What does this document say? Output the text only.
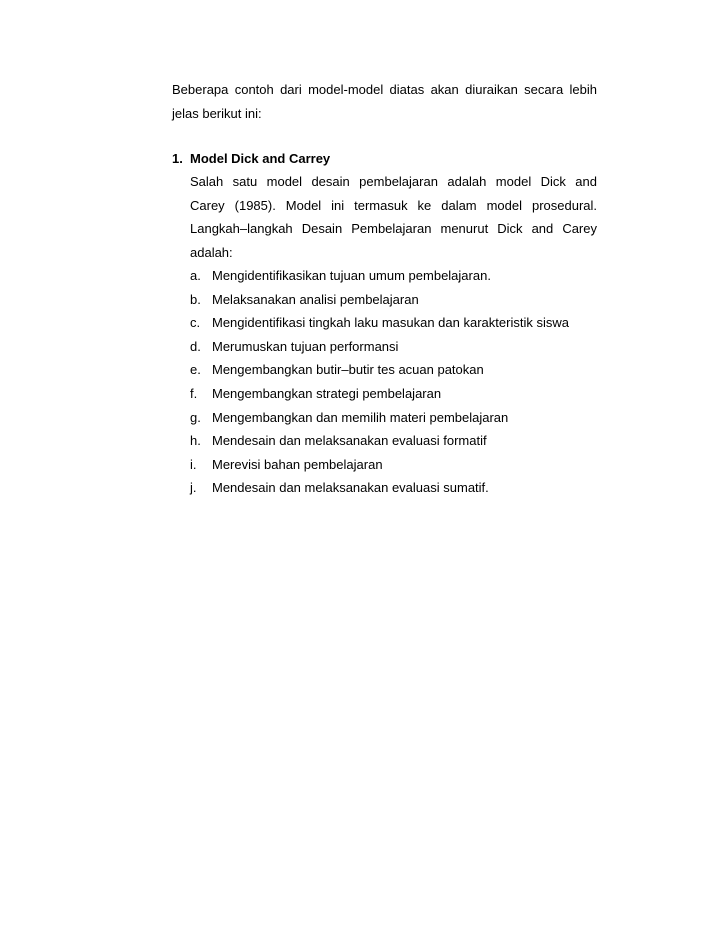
Beberapa contoh dari model-model diatas akan diuraikan secara lebih
jelas berikut ini:
1. Model Dick and Carrey
Salah satu model desain pembelajaran adalah model Dick and
Carey (1985). Model ini termasuk ke dalam model prosedural.
Langkah–langkah Desain Pembelajaran menurut Dick and Carey
adalah:
a. Mengidentifikasikan tujuan umum pembelajaran.
b. Melaksanakan analisi pembelajaran
c. Mengidentifikasi tingkah laku masukan dan karakteristik siswa
d. Merumuskan tujuan performansi
e. Mengembangkan butir–butir tes acuan patokan
f. Mengembangkan strategi pembelajaran
g. Mengembangkan dan memilih materi pembelajaran
h. Mendesain dan melaksanakan evaluasi formatif
i. Merevisi bahan pembelajaran
j. Mendesain dan melaksanakan evaluasi sumatif.
